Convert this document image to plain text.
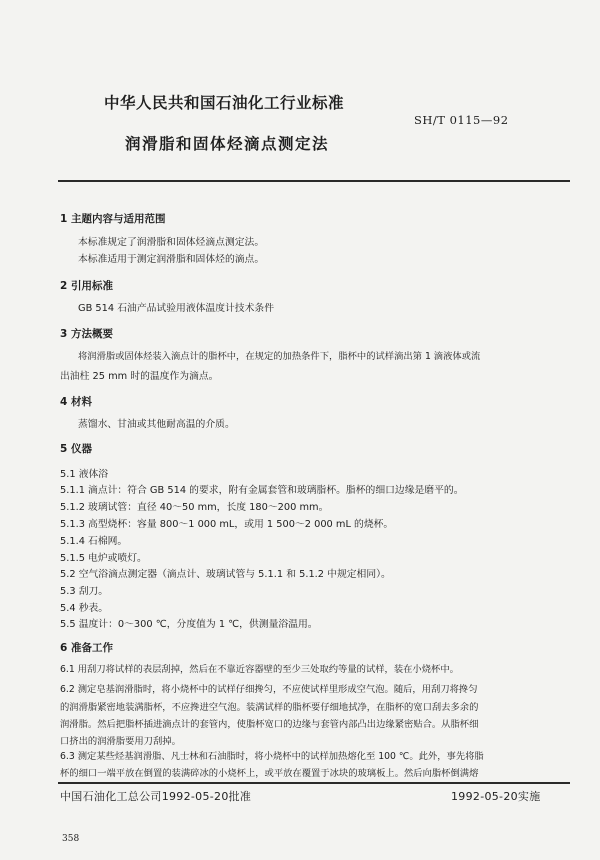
中华人民共和国石油化工行业标准
SH/T 0115—92
润滑脂和固体烃滴点测定法
1 主题内容与适用范围
本标准规定了润滑脂和固体烃滴点测定法。
本标准适用于测定润滑脂和固体烃的滴点。
2 引用标准
GB 514 石油产品试验用液体温度计技术条件
3 方法概要
将润滑脂或固体烃装入滴点计的脂杯中，在规定的加热条件下，脂杯中的试样滴出第 1 滴液体或流
出油柱 25 mm 时的温度作为滴点。
4 材料
蒸馏水、甘油或其他耐高温的介质。
5 仪器
5.1 液体浴
5.1.1 滴点计：符合 GB 514 的要求，附有金属套管和玻璃脂杯。脂杯的细口边缘是磨平的。
5.1.2 玻璃试管：直径 40～50 mm，长度 180～200 mm。
5.1.3 高型烧杯：容量 800～1 000 mL，或用 1 500～2 000 mL 的烧杯。
5.1.4 石棉网。
5.1.5 电炉或喷灯。
5.2 空气浴滴点测定器（滴点计、玻璃试管与 5.1.1 和 5.1.2 中规定相同）。
5.3 刮刀。
5.4 秒表。
5.5 温度计：0～300 ℃，分度值为 1 ℃，供测量浴温用。
6 准备工作
6.1 用刮刀将试样的表层刮掉，然后在不靠近容器壁的至少三处取约等量的试样，装在小烧杯中。
6.2 测定皂基润滑脂时，将小烧杯中的试样仔细搀匀，不应使试样里形成空气泡。随后，用刮刀将搀匀
的润滑脂紧密地装满脂杯，不应搀进空气泡。装满试样的脂杯要仔细地拭净，在脂杯的宽口刮去多余的
润滑脂。然后把脂杯插进滴点计的套管内，使脂杯宽口的边缘与套管内部凸出边缘紧密贴合。从脂杯细
口挤出的润滑脂要用刀刮掉。
6.3 测定某些烃基润滑脂、凡士林和石油脂时，将小烧杯中的试样加热熔化至 100 ℃。此外，事先将脂
杯的细口一端平放在倒置的装满碎冰的小烧杯上，或平放在覆置于冰块的玻璃板上。然后向脂杯倒满熔
中国石油化工总公司1992-05-20批准	1992-05-20实施
358
